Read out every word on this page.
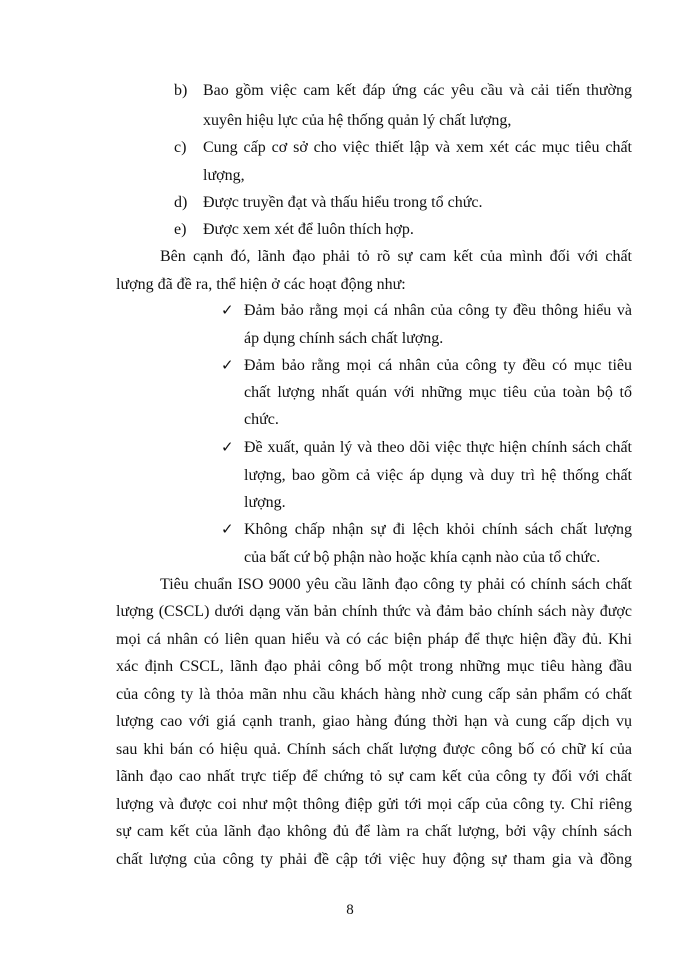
b) Bao gồm việc cam kết đáp ứng các yêu cầu và cải tiến thường
xuyên hiệu lực của hệ thống quản lý chất lượng,
c) Cung cấp cơ sở cho việc thiết lập và xem xét các mục tiêu chất
lượng,
d) Được truyền đạt và thấu hiểu trong tổ chức.
e) Được xem xét để luôn thích hợp.
Bên cạnh đó, lãnh đạo phải tỏ rõ sự cam kết của mình đối với chất
lượng đã đề ra, thể hiện ở các hoạt động như:
✓ Đảm bảo rằng mọi cá nhân của công ty đều thông hiểu và
áp dụng chính sách chất lượng.
✓ Đảm bảo rằng mọi cá nhân của công ty đều có mục tiêu
chất lượng nhất quán với những mục tiêu của toàn bộ tổ
chức.
✓ Đề xuất, quản lý và theo dõi việc thực hiện chính sách chất
lượng, bao gồm cả việc áp dụng và duy trì hệ thống chất
lượng.
✓ Không chấp nhận sự đi lệch khỏi chính sách chất lượng
của bất cứ bộ phận nào hoặc khía cạnh nào của tổ chức.
Tiêu chuẩn ISO 9000 yêu cầu lãnh đạo công ty phải có chính sách chất
lượng (CSCL) dưới dạng văn bản chính thức và đảm bảo chính sách này được
mọi cá nhân có liên quan hiểu và có các biện pháp để thực hiện đầy đủ. Khi
xác định CSCL, lãnh đạo phải công bố một trong những mục tiêu hàng đầu
của công ty là thỏa mãn nhu cầu khách hàng nhờ cung cấp sản phẩm có chất
lượng cao với giá cạnh tranh, giao hàng đúng thời hạn và cung cấp dịch vụ
sau khi bán có hiệu quả. Chính sách chất lượng được công bố có chữ kí của
lãnh đạo cao nhất trực tiếp để chứng tỏ sự cam kết của công ty đối với chất
lượng và được coi như một thông điệp gửi tới mọi cấp của công ty. Chỉ riêng
sự cam kết của lãnh đạo không đủ để làm ra chất lượng, bởi vậy chính sách
chất lượng của công ty phải đề cập tới việc huy động sự tham gia và đồng
8
